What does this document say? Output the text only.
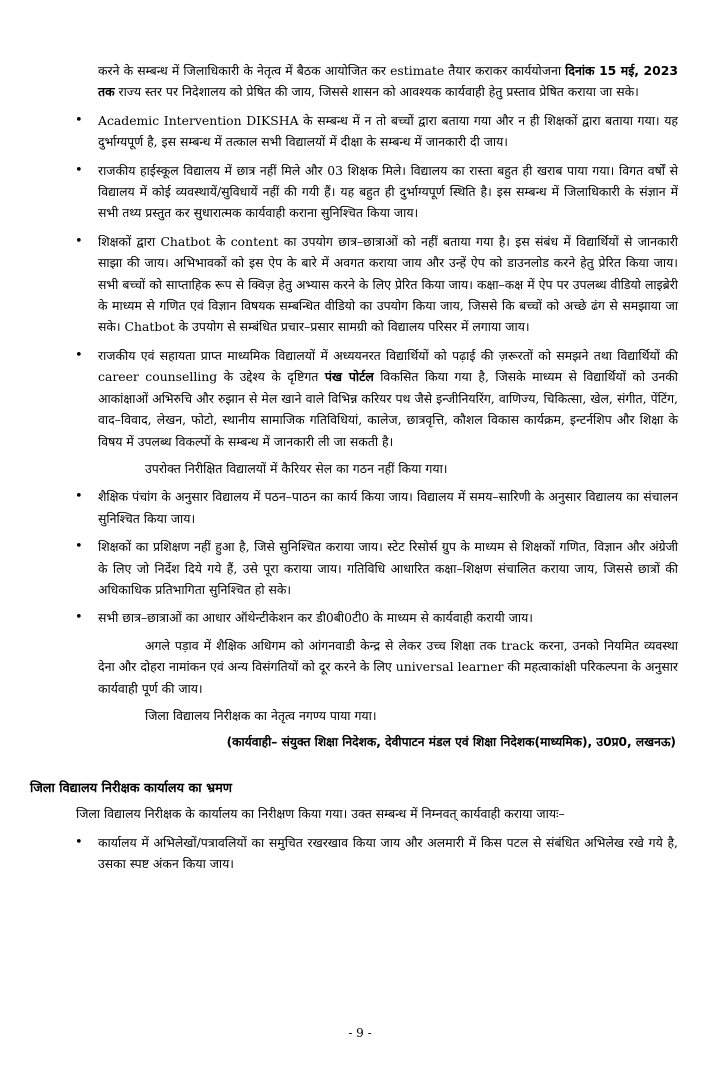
करने के सम्बन्ध में जिलाधिकारी के नेतृत्व में बैठक आयोजित कर estimate तैयार कराकर कार्ययोजना दिनांक 15 मई, 2023 तक राज्य स्तर पर निदेशालय को प्रेषित की जाय, जिससे शासन को आवश्यक कार्यवाही हेतु प्रस्ताव प्रेषित कराया जा सके।

• Academic Intervention DIKSHA के सम्बन्ध में न तो बच्चों द्वारा बताया गया और न ही शिक्षकों द्वारा बताया गया। यह दुर्भाग्यपूर्ण है, इस सम्बन्ध में तत्काल सभी विद्यालयों में दीक्षा के सम्बन्ध में जानकारी दी जाय।
• राजकीय हाईस्कूल विद्यालय में छात्र नहीं मिले और 03 शिक्षक मिले। विद्यालय का रास्ता बहुत ही खराब पाया गया। विगत वर्षों से विद्यालय में कोई व्यवस्थायें/सुविधायें नहीं की गयी हैं। यह बहुत ही दुर्भाग्यपूर्ण स्थिति है। इस सम्बन्ध में जिलाधिकारी के संज्ञान में सभी तथ्य प्रस्तुत कर सुधारात्मक कार्यवाही कराना सुनिश्चित किया जाय।
• शिक्षकों द्वारा Chatbot के content का उपयोग छात्र–छात्राओं को नहीं बताया गया है। इस संबंध में विद्यार्थियों से जानकारी साझा की जाय। अभिभावकों को इस ऐप के बारे में अवगत कराया जाय और उन्हें ऐप को डाउनलोड करने हेतु प्रेरित किया जाय। सभी बच्चों को साप्ताहिक रूप से क्विज़ हेतु अभ्यास करने के लिए प्रेरित किया जाय। कक्षा–कक्ष में ऐप पर उपलब्ध वीडियो लाइब्रेरी के माध्यम से गणित एवं विज्ञान विषयक सम्बन्धित वीडियो का उपयोग किया जाय, जिससे कि बच्चों को अच्छे ढंग से समझाया जा सके। Chatbot के उपयोग से सम्बंधित प्रचार–प्रसार सामग्री को विद्यालय परिसर में लगाया जाय।
• राजकीय एवं सहायता प्राप्त माध्यमिक विद्यालयों में अध्ययनरत विद्यार्थियों को पढ़ाई की ज़रूरतों को समझने तथा विद्यार्थियों की career counselling के उद्देश्य के दृष्टिगत पंख पोर्टल विकसित किया गया है, जिसके माध्यम से विद्यार्थियों को उनकी आकांक्षाओं अभिरुचि और रुझान से मेल खाने वाले विभिन्न करियर पथ जैसे इन्जीनियरिंग, वाणिज्य, चिकित्सा, खेल, संगीत, पेंटिंग, वाद–विवाद, लेखन, फोटो, स्थानीय सामाजिक गतिविधियां, कालेज, छात्रवृत्ति, कौशल विकास कार्यक्रम, इन्टर्नशिप और शिक्षा के विषय में उपलब्ध विकल्पों के सम्बन्ध में जानकारी ली जा सकती है।

उपरोक्त निरीक्षित विद्यालयों में कैरियर सेल का गठन नहीं किया गया।

• शैक्षिक पंचांग के अनुसार विद्यालय में पठन–पाठन का कार्य किया जाय। विद्यालय में समय–सारिणी के अनुसार विद्यालय का संचालन सुनिश्चित किया जाय।
• शिक्षकों का प्रशिक्षण नहीं हुआ है, जिसे सुनिश्चित कराया जाय। स्टेट रिसोर्स ग्रुप के माध्यम से शिक्षकों गणित, विज्ञान और अंग्रेजी के लिए जो निर्देश दिये गये हैं, उसे पूरा कराया जाय। गतिविधि आधारित कक्षा–शिक्षण संचालित कराया जाय, जिससे छात्रों की अधिकाधिक प्रतिभागिता सुनिश्चित हो सके।
• सभी छात्र–छात्राओं का आधार ऑथेन्टीकेशन कर डी0बी0टी0 के माध्यम से कार्यवाही करायी जाय।

अगले पड़ाव में शैक्षिक अधिगम को आंगनवाडी केन्द्र से लेकर उच्च शिक्षा तक track करना, उनको नियमित व्यवस्था देना और दोहरा नामांकन एवं अन्य विसंगतियों को दूर करने के लिए universal learner की महत्वाकांक्षी परिकल्पना के अनुसार कार्यवाही पूर्ण की जाय।

जिला विद्यालय निरीक्षक का नेतृत्व नगण्य पाया गया।

(कार्यवाही– संयुक्त शिक्षा निदेशक, देवीपाटन मंडल एवं शिक्षा निदेशक(माध्यमिक), उ0प्र0, लखनऊ)

जिला विद्यालय निरीक्षक कार्यालय का भ्रमण

जिला विद्यालय निरीक्षक के कार्यालय का निरीक्षण किया गया। उक्त सम्बन्ध में निम्नवत् कार्यवाही कराया जायः–

• कार्यालय में अभिलेखों/पत्रावलियों का समुचित रखरखाव किया जाय और अलमारी में किस पटल से संबंधित अभिलेख रखे गये है, उसका स्पष्ट अंकन किया जाय।
- 9 -
